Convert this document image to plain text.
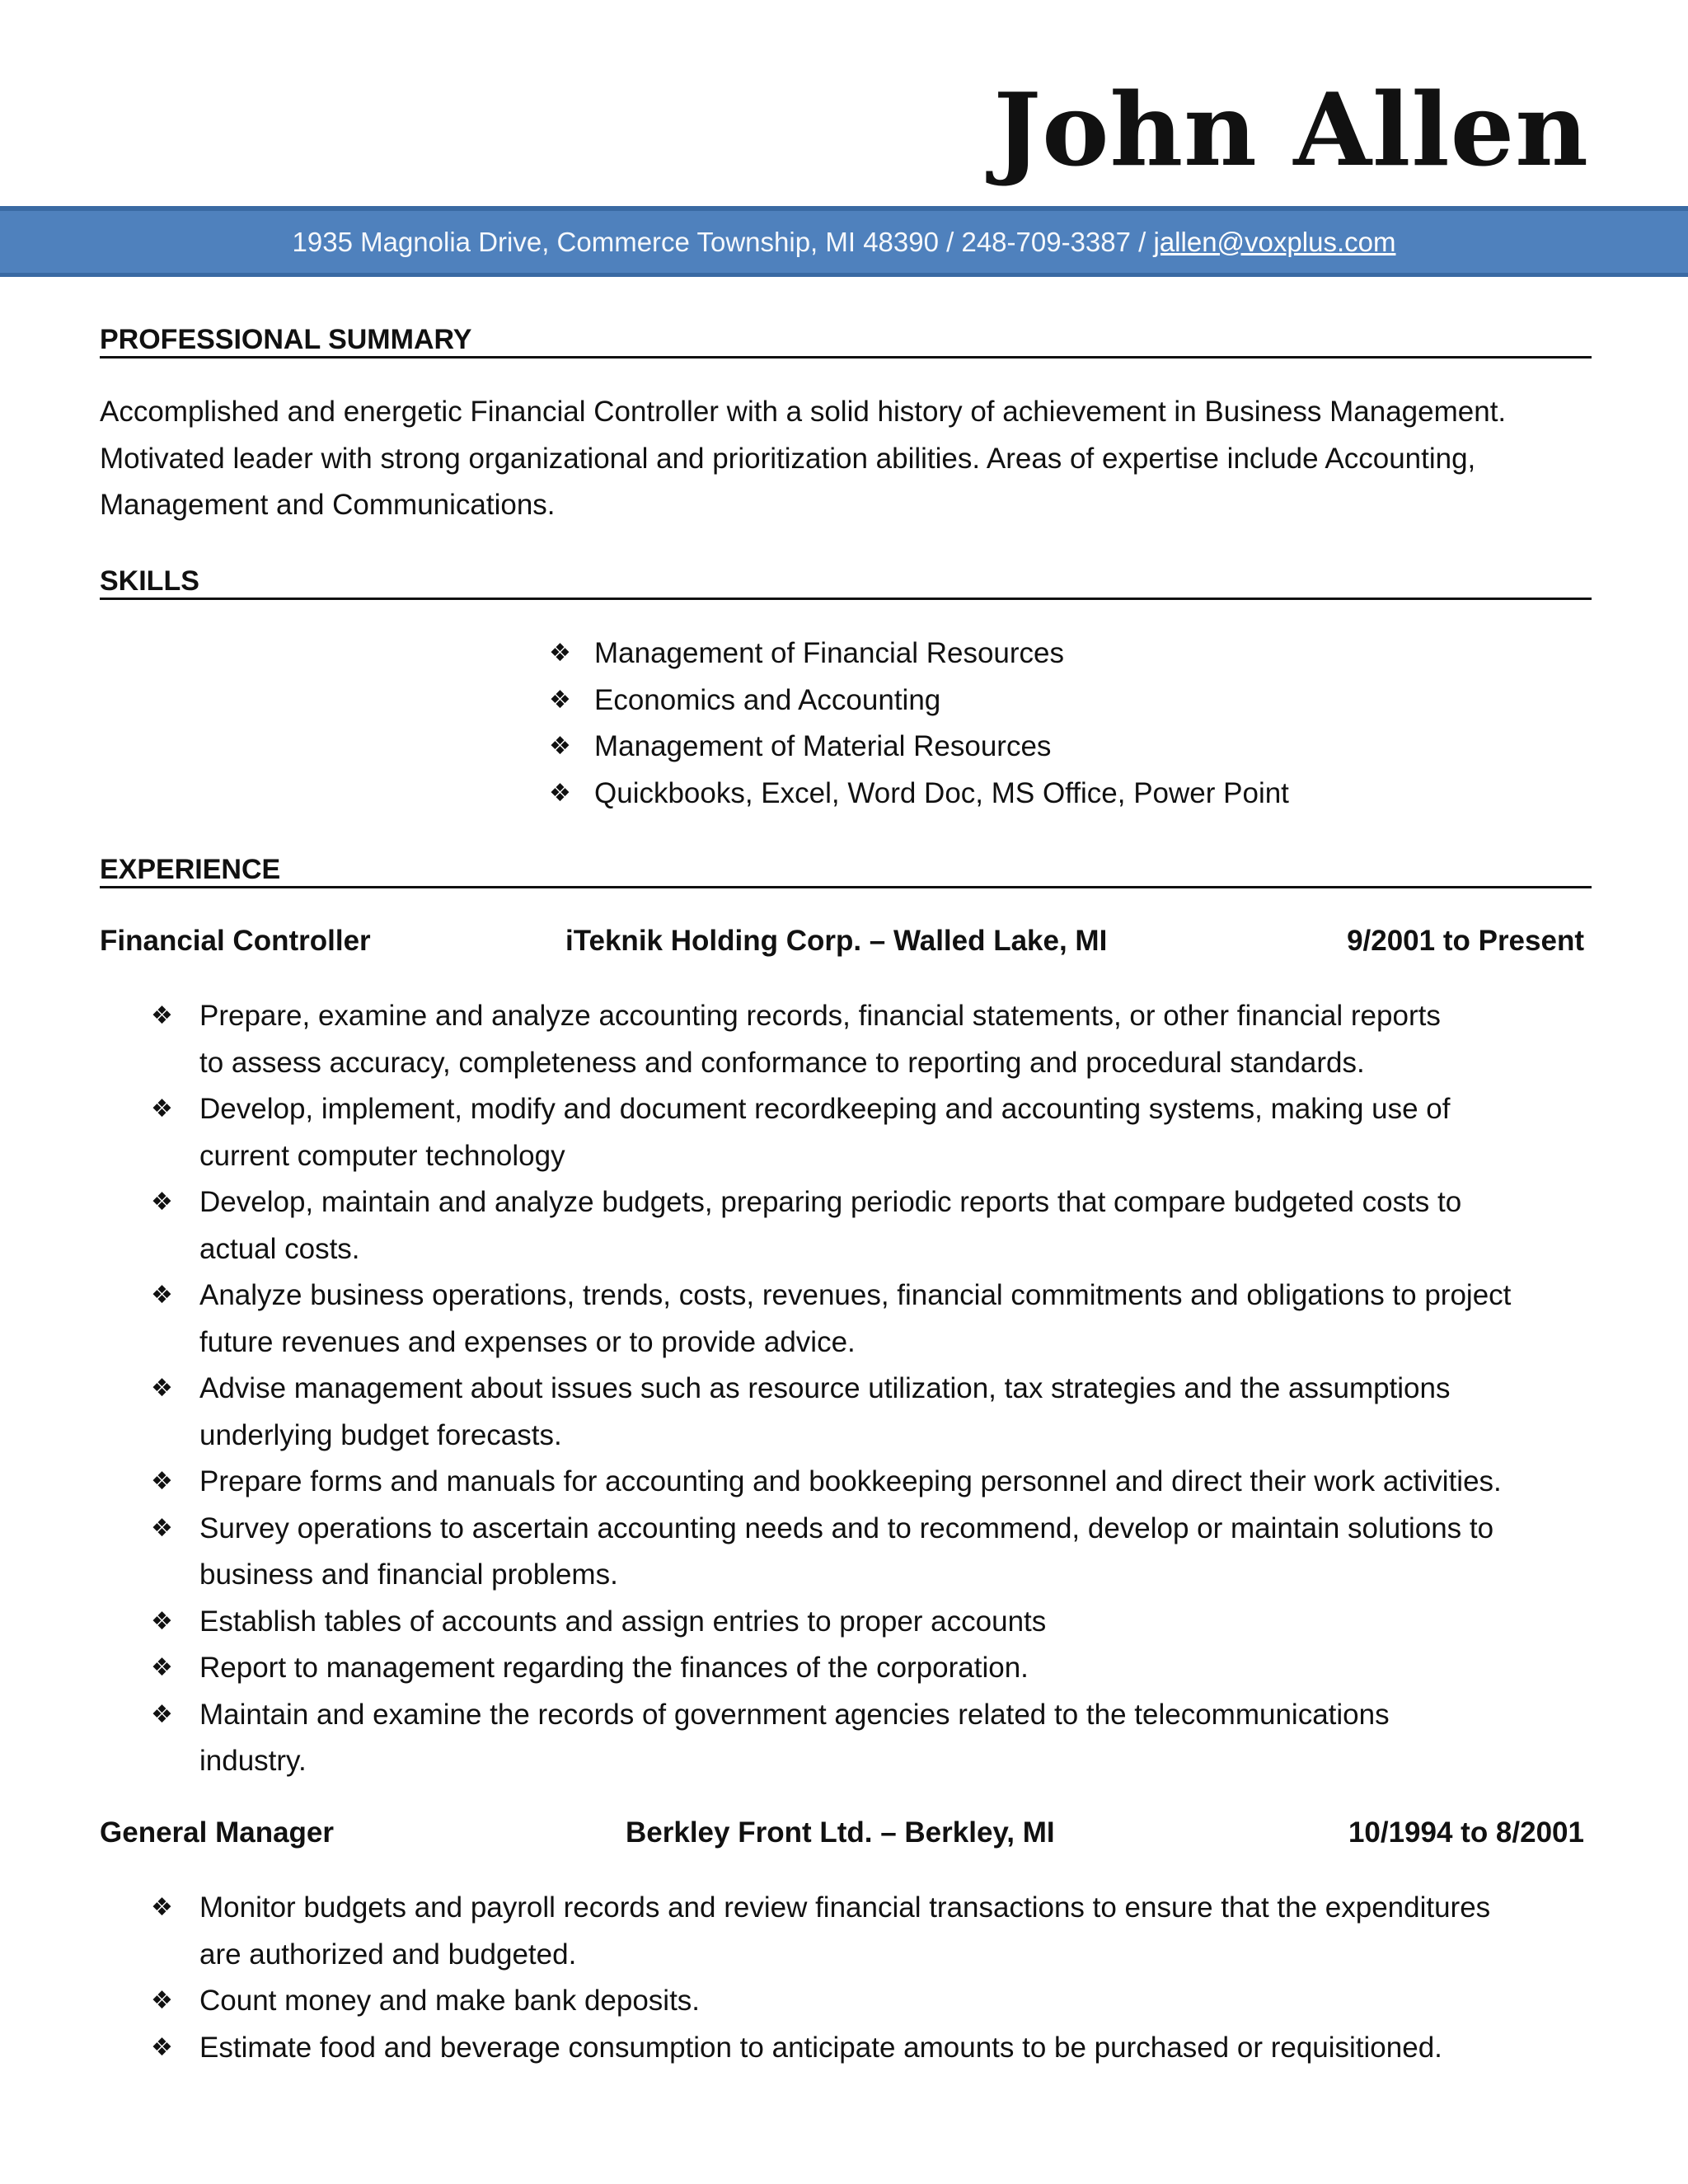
John Allen
1935 Magnolia Drive, Commerce Township, MI 48390 / 248-709-3387 / jallen@voxplus.com
PROFESSIONAL SUMMARY

Accomplished and energetic Financial Controller with a solid history of achievement in Business Management.
Motivated leader with strong organizational and prioritization abilities. Areas of expertise include Accounting,
Management and Communications.

SKILLS
❖ Management of Financial Resources
❖ Economics and Accounting
❖ Management of Material Resources
❖ Quickbooks, Excel, Word Doc, MS Office, Power Point
EXPERIENCE
Financial Controller	iTeknik Holding Corp. – Walled Lake, MI	9/2001 to Present
❖ Prepare, examine and analyze accounting records, financial statements, or other financial reports
to assess accuracy, completeness and conformance to reporting and procedural standards.
❖ Develop, implement, modify and document recordkeeping and accounting systems, making use of
current computer technology
❖ Develop, maintain and analyze budgets, preparing periodic reports that compare budgeted costs to
actual costs.
❖ Analyze business operations, trends, costs, revenues, financial commitments and obligations to project
future revenues and expenses or to provide advice.
❖ Advise management about issues such as resource utilization, tax strategies and the assumptions
underlying budget forecasts.
❖ Prepare forms and manuals for accounting and bookkeeping personnel and direct their work activities.
❖ Survey operations to ascertain accounting needs and to recommend, develop or maintain solutions to
business and financial problems.
❖ Establish tables of accounts and assign entries to proper accounts
❖ Report to management regarding the finances of the corporation.
❖ Maintain and examine the records of government agencies related to the telecommunications
industry.
General Manager	Berkley Front Ltd. – Berkley, MI	10/1994 to 8/2001
❖ Monitor budgets and payroll records and review financial transactions to ensure that the expenditures
are authorized and budgeted.
❖ Count money and make bank deposits.
❖ Estimate food and beverage consumption to anticipate amounts to be purchased or requisitioned.
